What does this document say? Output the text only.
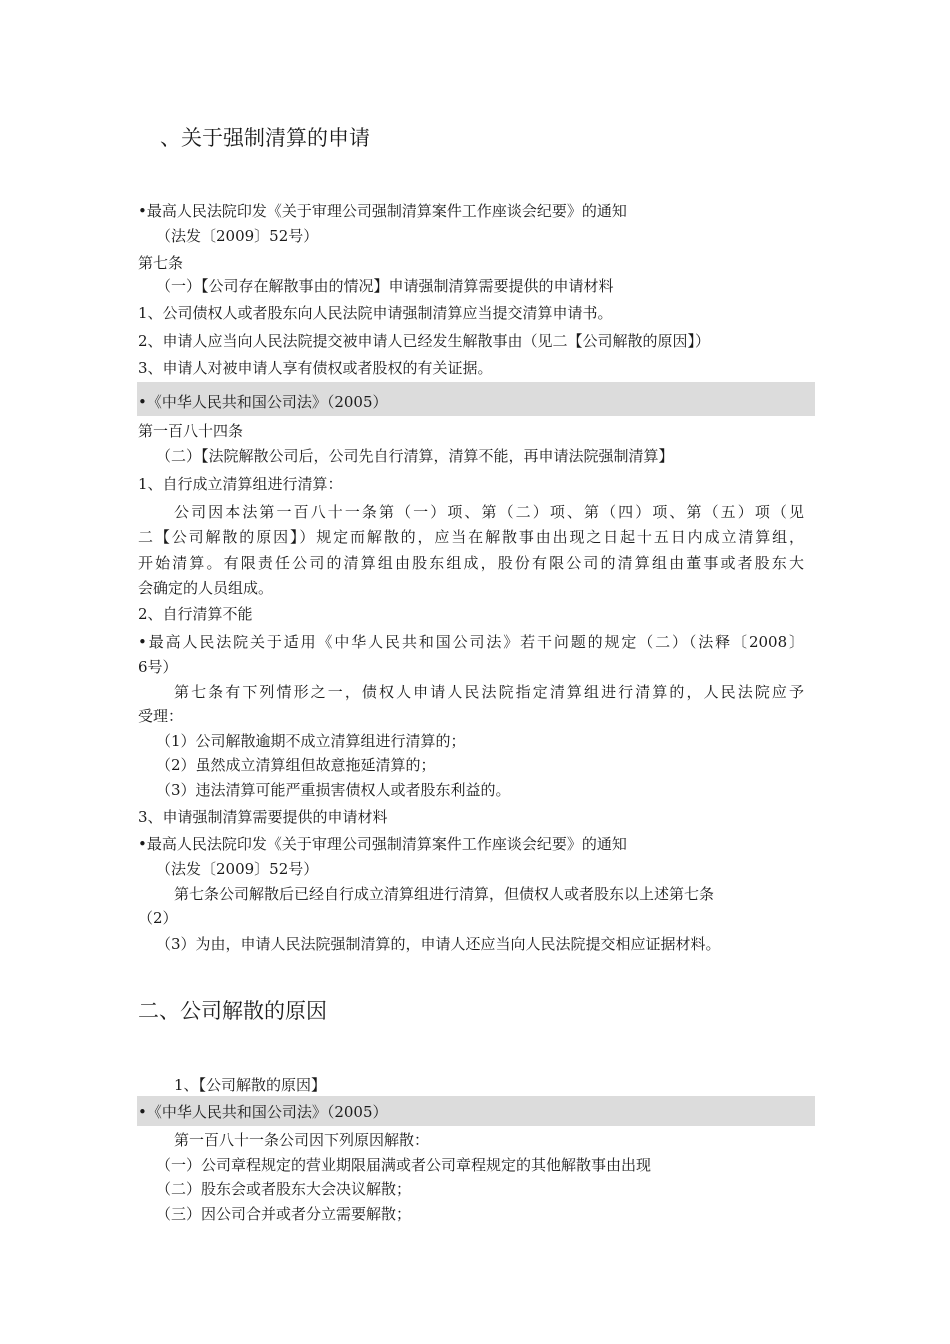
、关于强制清算的申请
•最高人民法院印发《关于审理公司强制清算案件工作座谈会纪要》的通知
（法发〔2009〕52号）
第七条
（一）【公司存在解散事由的情况】申请强制清算需要提供的申请材料
1、公司债权人或者股东向人民法院申请强制清算应当提交清算申请书。
2、申请人应当向人民法院提交被申请人已经发生解散事由（见二【公司解散的原因】）
3、申请人对被申请人享有债权或者股权的有关证据。
•《中华人民共和国公司法》（2005）
第一百八十四条
（二）【法院解散公司后，公司先自行清算，清算不能，再申请法院强制清算】
1、自行成立清算组进行清算：
公司因本法第一百八十一条第（一）项、第（二）项、第（四）项、第（五）项（见
二【公司解散的原因】）规定而解散的，应当在解散事由出现之日起十五日内成立清算组，
开始清算。有限责任公司的清算组由股东组成，股份有限公司的清算组由董事或者股东大
会确定的人员组成。
2、自行清算不能
•最高人民法院关于适用《中华人民共和国公司法》若干问题的规定（二）（法释〔2008〕
6号）
第七条有下列情形之一，债权人申请人民法院指定清算组进行清算的，人民法院应予
受理：
（1）公司解散逾期不成立清算组进行清算的；
（2）虽然成立清算组但故意拖延清算的；
（3）违法清算可能严重损害债权人或者股东利益的。
3、申请强制清算需要提供的申请材料
•最高人民法院印发《关于审理公司强制清算案件工作座谈会纪要》的通知
（法发〔2009〕52号）
第七条公司解散后已经自行成立清算组进行清算，但债权人或者股东以上述第七条
（2）
（3）为由，申请人民法院强制清算的，申请人还应当向人民法院提交相应证据材料。
二、公司解散的原因
1、【公司解散的原因】
•《中华人民共和国公司法》（2005）
第一百八十一条公司因下列原因解散：
（一）公司章程规定的营业期限届满或者公司章程规定的其他解散事由出现
（二）股东会或者股东大会决议解散；
（三）因公司合并或者分立需要解散；
